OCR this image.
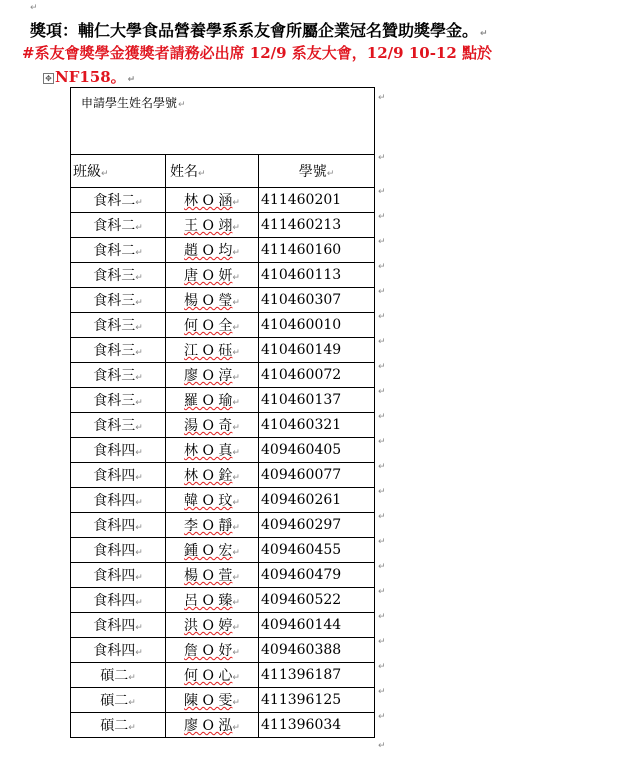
↵
獎項：輔仁大學食品營養學系系友會所屬企業冠名贊助獎學金。 ↵
#系友會獎學金獲獎者請務必出席 12/9 系友大會，12/9 10-12 點於
✥ NF158。 ↵
申請學生姓名學號↵		
班級↵	姓名↵	學號↵
食科二↵	林 O 涵↵	411460201
食科二↵	王 O 翊↵	411460213
食科二↵	趙 O 均↵	411460160
食科三↵	唐 O 妍↵	410460113
食科三↵	楊 O 瑩↵	410460307
食科三↵	何 O 全↵	410460010
食科三↵	江 O 砡↵	410460149
食科三↵	廖 O 淳↵	410460072
食科三↵	羅 O 瑜↵	410460137
食科三↵	湯 O 奇↵	410460321
食科四↵	林 O 真↵	409460405
食科四↵	林 O 銓↵	409460077
食科四↵	韓 O 玟↵	409460261
食科四↵	李 O 靜↵	409460297
食科四↵	鍾 O 宏↵	409460455
食科四↵	楊 O 萱↵	409460479
食科四↵	呂 O 臻↵	409460522
食科四↵	洪 O 婷↵	409460144
食科四↵	詹 O 妤↵	409460388
碩二↵	何 O 心↵	411396187
碩二↵	陳 O 雯↵	411396125
碩二↵	廖 O 泓↵	411396034
↵
↵
↵
↵
↵
↵
↵
↵
↵
↵
↵
↵
↵
↵
↵
↵
↵
↵
↵
↵
↵
↵
↵
↵
↵
